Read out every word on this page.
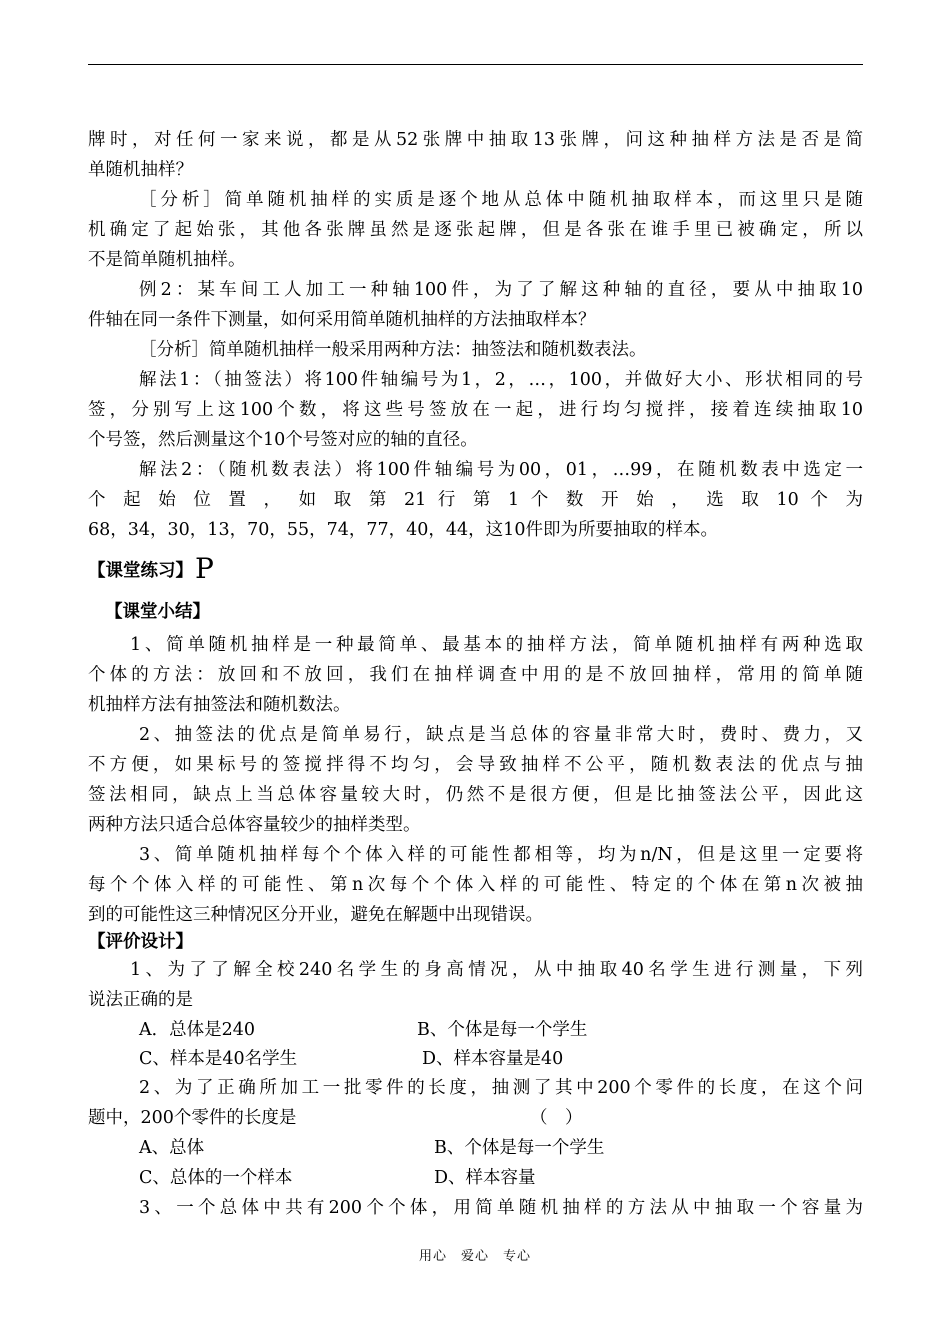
牌时，对任何一家来说，都是从52张牌中抽取13张牌，问这种抽样方法是否是简
单随机抽样？
［分析］简单随机抽样的实质是逐个地从总体中随机抽取样本，而这里只是随
机确定了起始张，其他各张牌虽然是逐张起牌，但是各张在谁手里已被确定，所以
不是简单随机抽样。
例2：某车间工人加工一种轴100件，为了了解这种轴的直径，要从中抽取10
件轴在同一条件下测量，如何采用简单随机抽样的方法抽取样本？
［分析］简单随机抽样一般采用两种方法：抽签法和随机数表法。
解法1：（抽签法）将100件轴编号为1，2，…，100，并做好大小、形状相同的号
签，分别写上这100个数，将这些号签放在一起，进行均匀搅拌，接着连续抽取10
个号签，然后测量这个10个号签对应的轴的直径。
解法2：（随机数表法）将100件轴编号为00，01，…99，在随机数表中选定一
个 起 始 位 置 ， 如 取 第 21 行 第 1 个 数 开 始 ， 选 取 10 个 为
68，34，30，13，70，55，74，77，40，44，这10件即为所要抽取的样本。
【课堂练习】P
【课堂小结】
1、简单随机抽样是一种最简单、最基本的抽样方法，简单随机抽样有两种选取
个体的方法：放回和不放回，我们在抽样调查中用的是不放回抽样，常用的简单随
机抽样方法有抽签法和随机数法。
2、抽签法的优点是简单易行，缺点是当总体的容量非常大时，费时、费力，又
不方便，如果标号的签搅拌得不均匀，会导致抽样不公平，随机数表法的优点与抽
签法相同，缺点上当总体容量较大时，仍然不是很方便，但是比抽签法公平，因此这
两种方法只适合总体容量较少的抽样类型。
3、简单随机抽样每个个体入样的可能性都相等，均为n/N，但是这里一定要将
每个个体入样的可能性、第n次每个个体入样的可能性、特定的个体在第n次被抽
到的可能性这三种情况区分开业，避免在解题中出现错误。
【评价设计】
1、为了了解全校240名学生的身高情况，从中抽取40名学生进行测量，下列
说法正确的是
A．总体是240	B、个体是每一个学生
C、样本是40名学生	D、样本容量是40
2、为了正确所加工一批零件的长度，抽测了其中200个零件的长度，在这个问
题中，200个零件的长度是	（　）
A、总体	B、个体是每一个学生
C、总体的一个样本	D、样本容量
3、一个总体中共有200个个体，用简单随机抽样的方法从中抽取一个容量为
用心　爱心　专心
